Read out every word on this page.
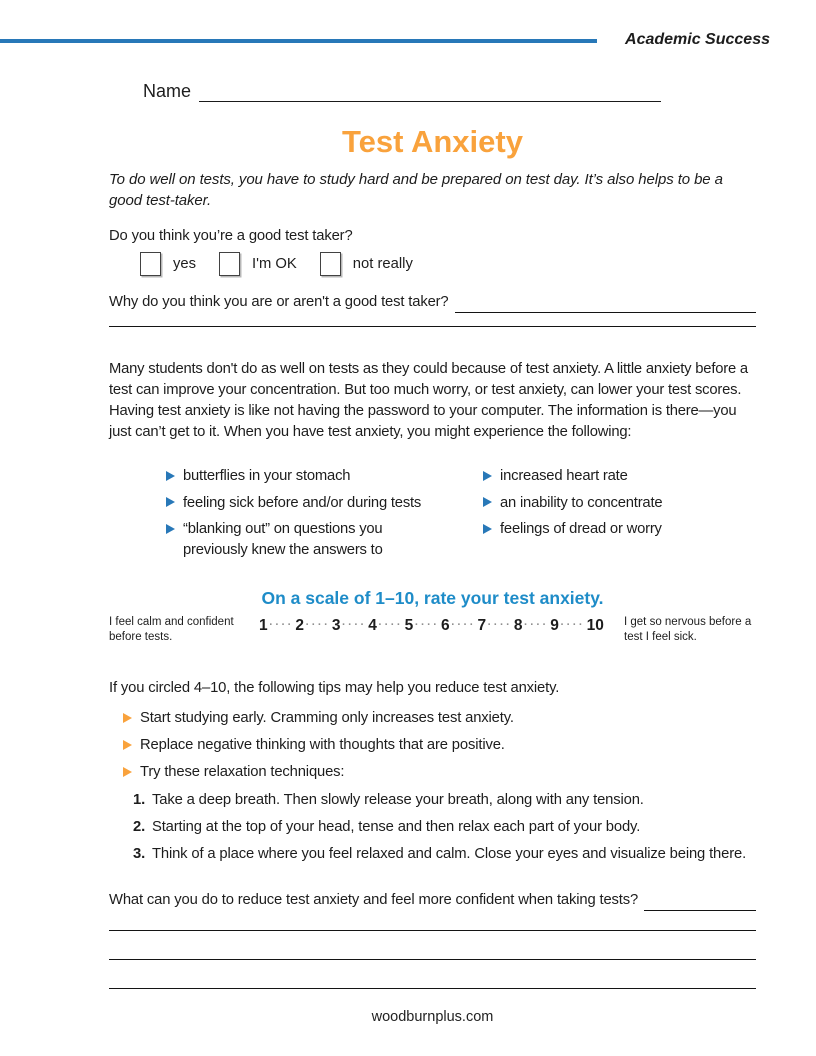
Academic Success
Name
Test Anxiety

To do well on tests, you have to study hard and be prepared on test day. It’s also helps to be a good test-taker.

Do you think you’re a good test taker?

yes	I'm OK	not really
Why do you think you are or aren't a good test taker?

Many students don't do as well on tests as they could because of test anxiety. A little anxiety before a test can improve your concentration. But too much worry, or test anxiety, can lower your test scores. Having test anxiety is like not having the password to your computer. The information is there—you just can’t get to it. When you have test anxiety, you might experience the following:

butterflies in your stomach
feeling sick before and/or during tests
“blanking out” on questions you previously knew the answers to
increased heart rate
an inability to concentrate
feelings of dread or worry
On a scale of 1–10, rate your test anxiety.
I feel calm and confident before tests.
1 ···· 2 ···· 3 ···· 4 ···· 5 ···· 6 ···· 7 ···· 8 ···· 9 ···· 10 I get so nervous before a test I feel sick.

If you circled 4–10, the following tips may help you reduce test anxiety.

Start studying early. Cramming only increases test anxiety.
Replace negative thinking with thoughts that are positive.
Try these relaxation techniques:
1. Take a deep breath. Then slowly release your breath, along with any tension.
2. Starting at the top of your head, tense and then relax each part of your body.
3. Think of a place where you feel relaxed and calm. Close your eyes and visualize being there.
What can you do to reduce test anxiety and feel more confident when taking tests?
woodburnplus.com
